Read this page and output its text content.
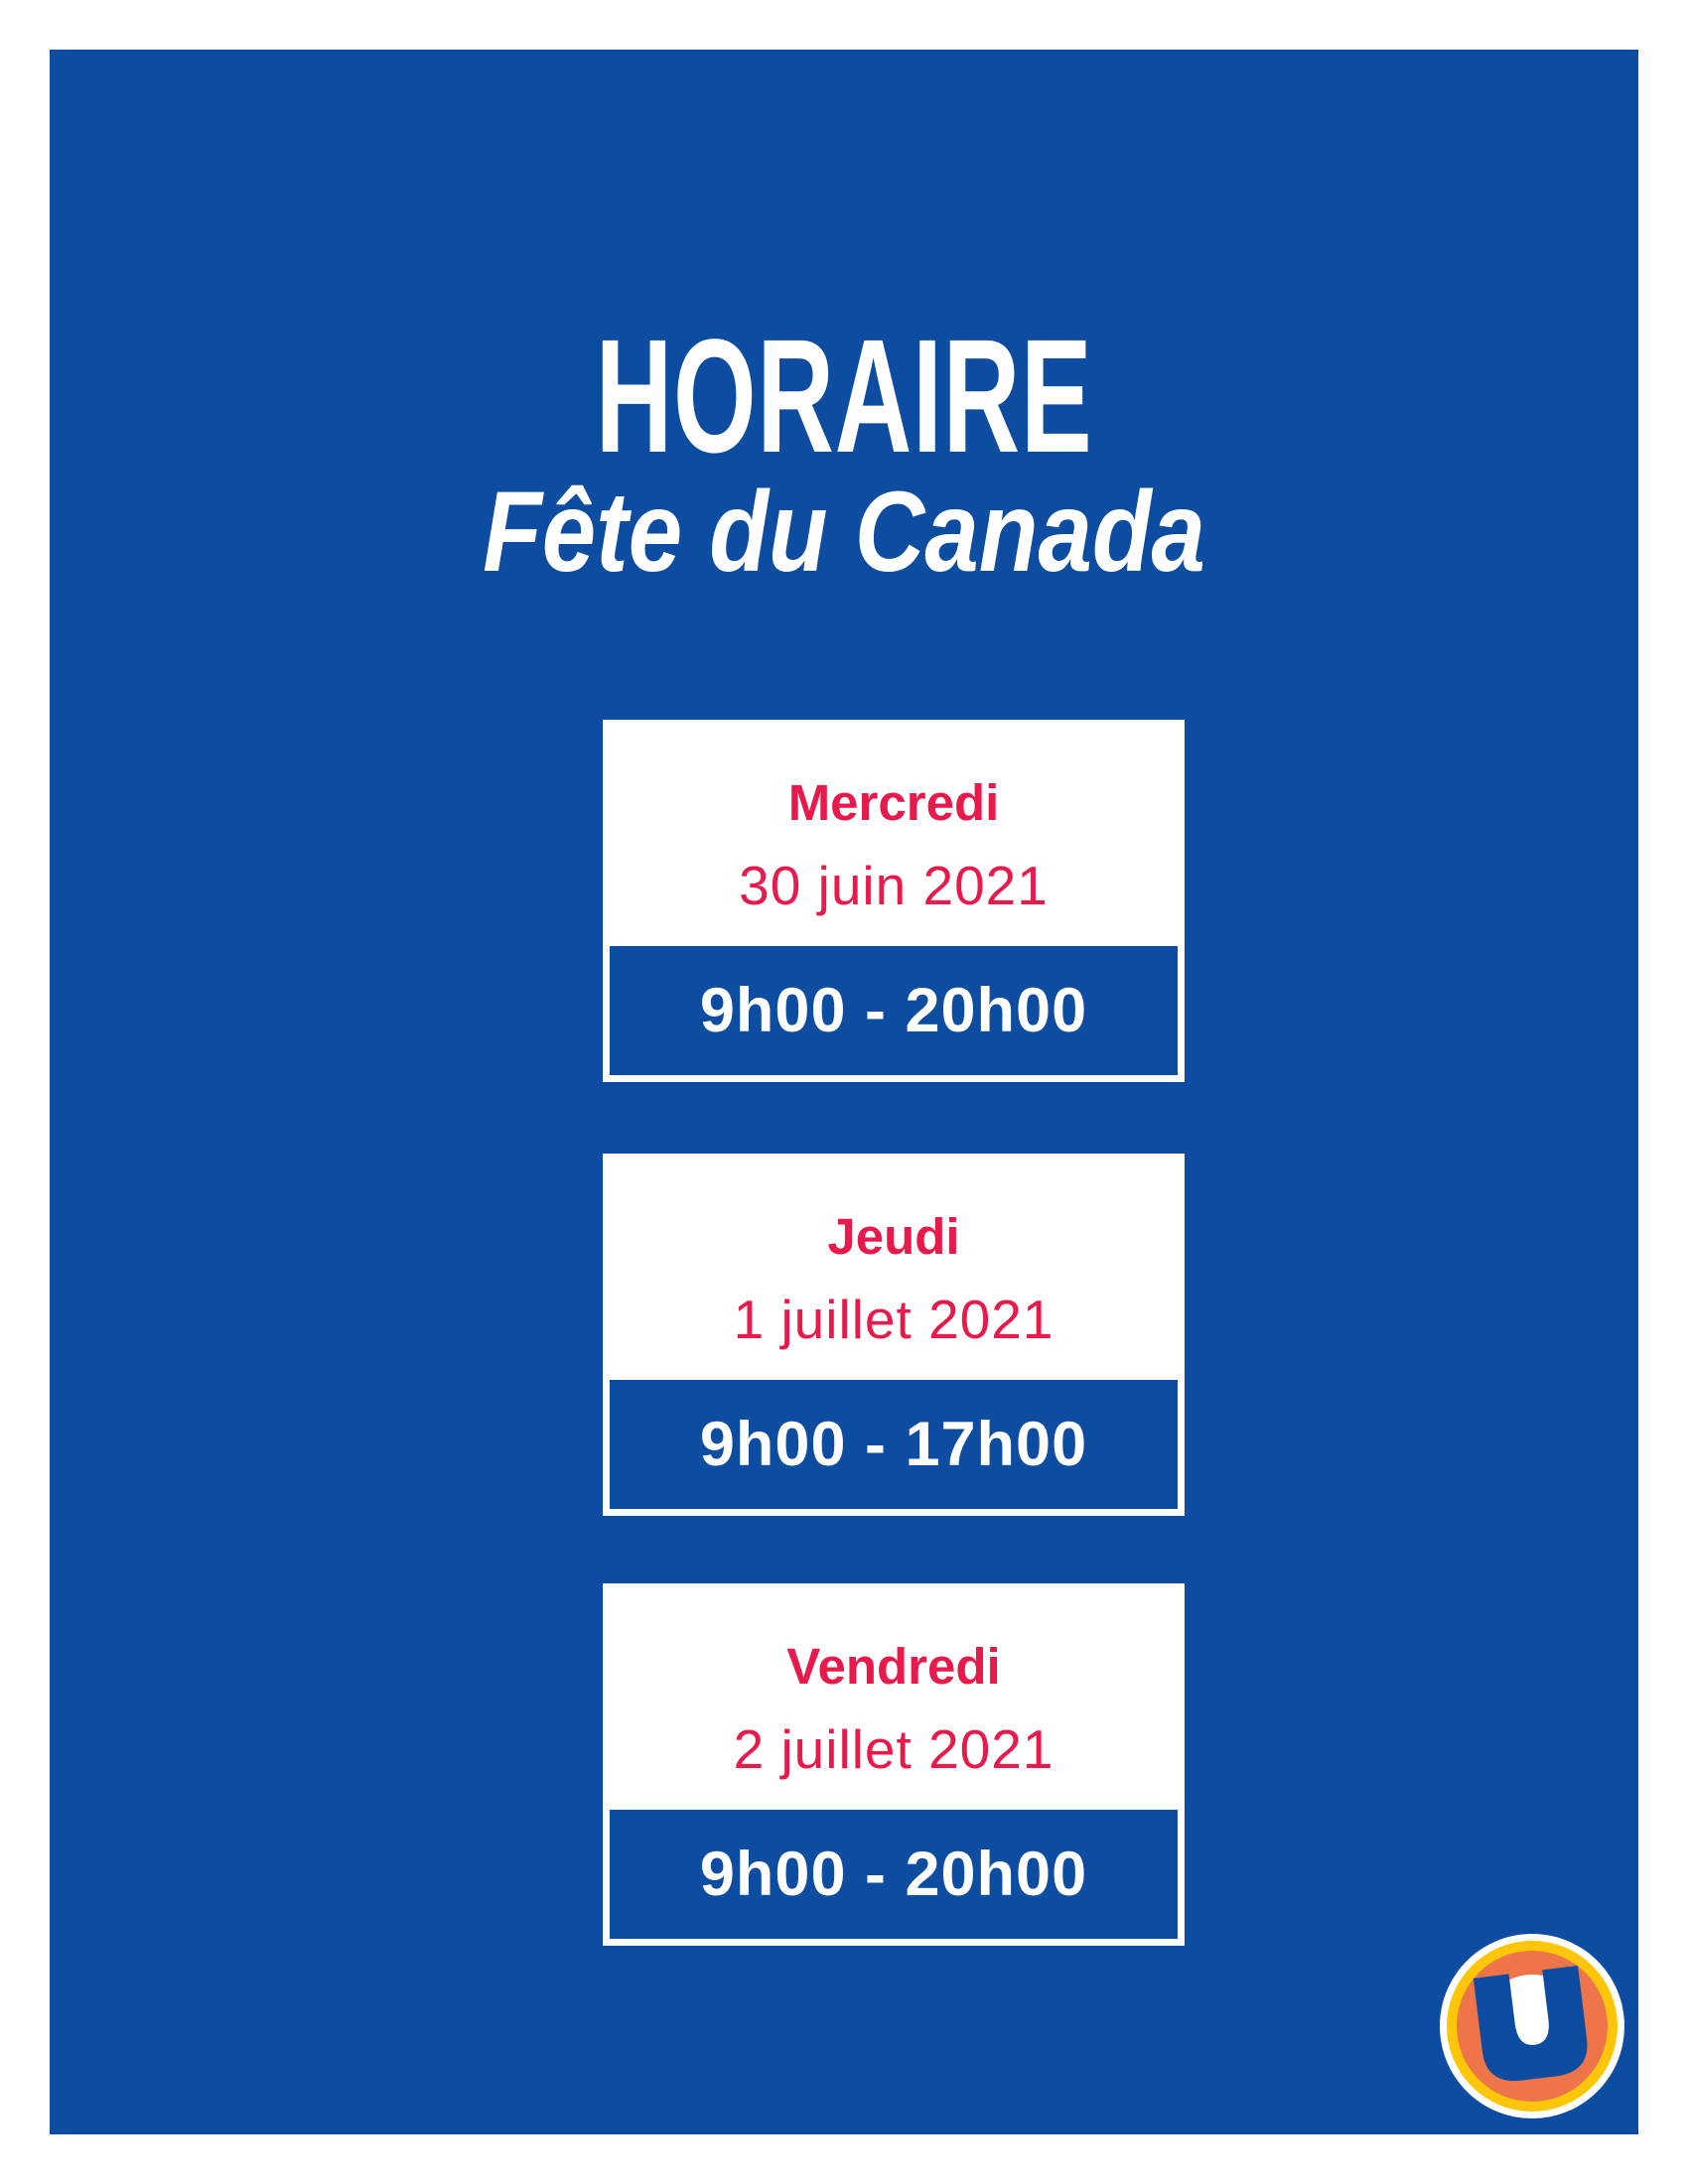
HORAIRE
Fête du Canada
Mercredi
30 juin 2021
9h00 - 20h00
Jeudi
1 juillet 2021
9h00 - 17h00
Vendredi
2 juillet 2021
9h00 - 20h00
